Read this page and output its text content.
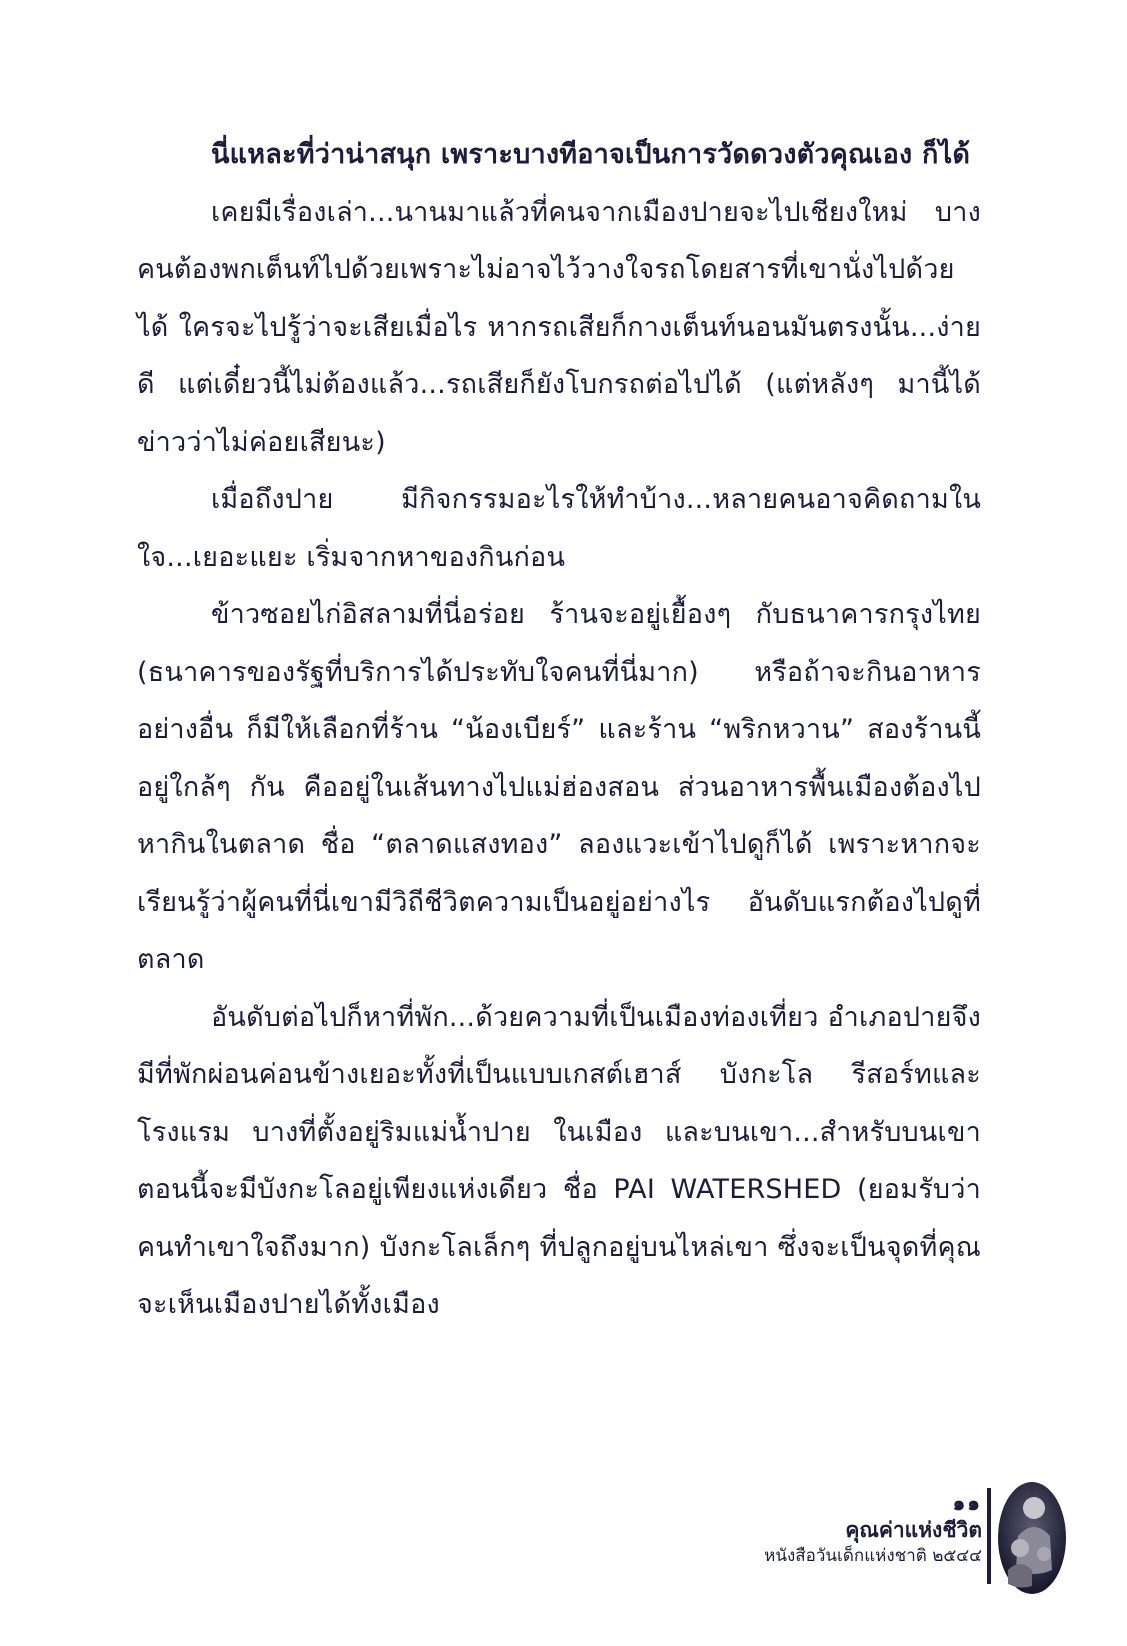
นี่แหละที่ว่าน่าสนุก เพราะบางทีอาจเป็นการวัดดวงตัวคุณเอง ก็ได้

เคยมีเรื่องเล่า...นานมาแล้วที่คนจากเมืองปายจะไปเชียงใหม่ บางคนต้องพกเต็นท์ไปด้วยเพราะไม่อาจไว้วางใจรถโดยสารที่เขานั่งไปด้วยได้ ใครจะไปรู้ว่าจะเสียเมื่อไร หากรถเสียก็กางเต็นท์นอนมันตรงนั้น...ง่ายดี แต่เดี๋ยวนี้ไม่ต้องแล้ว...รถเสียก็ยังโบกรถต่อไปได้ (แต่หลังๆ มานี้ได้ข่าวว่าไม่ค่อยเสียนะ)

เมื่อถึงปาย มีกิจกรรมอะไรให้ทำบ้าง...หลายคนอาจคิดถามในใจ...เยอะแยะ เริ่มจากหาของกินก่อน

ข้าวซอยไก่อิสลามที่นี่อร่อย ร้านจะอยู่เยื้องๆ กับธนาคารกรุงไทย (ธนาคารของรัฐที่บริการได้ประทับใจคนที่นี่มาก) หรือถ้าจะกินอาหารอย่างอื่น ก็มีให้เลือกที่ร้าน “น้องเบียร์” และร้าน “พริกหวาน” สองร้านนี้อยู่ใกล้ๆ กัน คืออยู่ในเส้นทางไปแม่ฮ่องสอน ส่วนอาหารพื้นเมืองต้องไปหากินในตลาด ชื่อ “ตลาดแสงทอง” ลองแวะเข้าไปดูก็ได้ เพราะหากจะเรียนรู้ว่าผู้คนที่นี่เขามีวิถีชีวิตความเป็นอยู่อย่างไร อันดับแรกต้องไปดูที่ตลาด

อันดับต่อไปก็หาที่พัก...ด้วยความที่เป็นเมืองท่องเที่ยว อำเภอปายจึงมีที่พักผ่อนค่อนข้างเยอะทั้งที่เป็นแบบเกสต์เฮาส์ บังกะโล รีสอร์ทและโรงแรม บางที่ตั้งอยู่ริมแม่น้ำปาย ในเมือง และบนเขา...สำหรับบนเขา ตอนนี้จะมีบังกะโลอยู่เพียงแห่งเดียว ชื่อ PAI WATERSHED (ยอมรับว่าคนทำเขาใจถึงมาก) บังกะโลเล็กๆ ที่ปลูกอยู่บนไหล่เขา ซึ่งจะเป็นจุดที่คุณจะเห็นเมืองปายได้ทั้งเมือง

๑๑
คุณค่าแห่งชีวิต
หนังสือวันเด็กแห่งชาติ ๒๕๔๔
